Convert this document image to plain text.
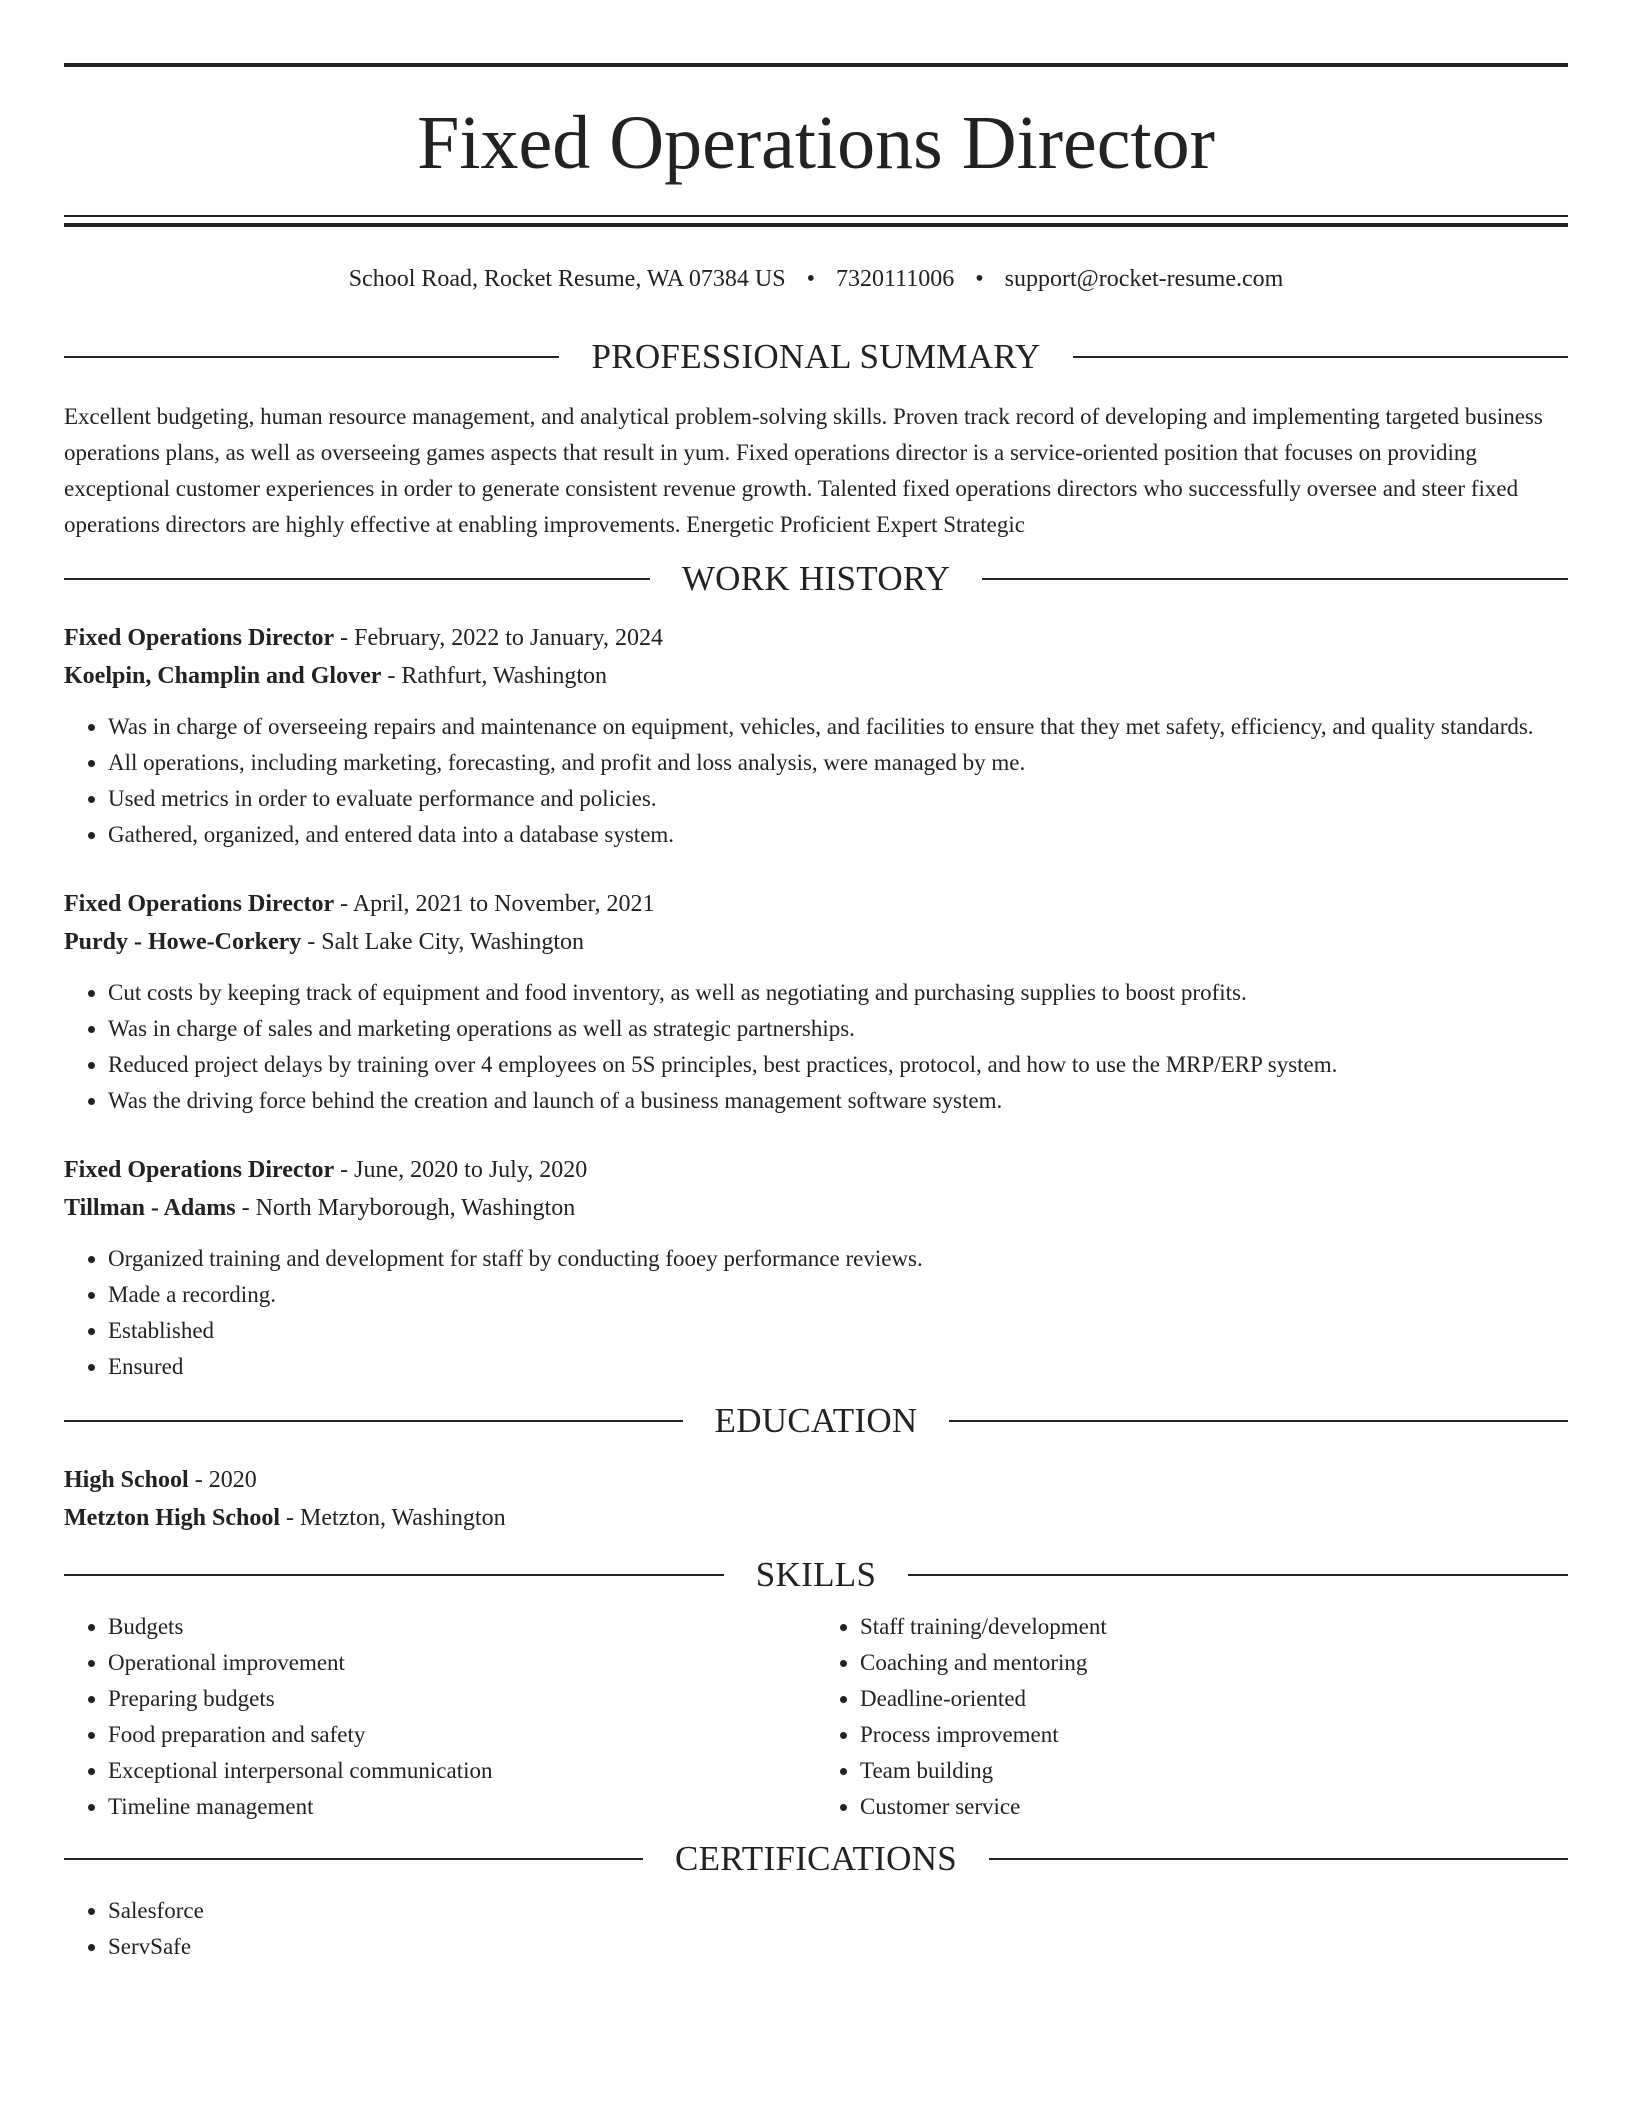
Fixed Operations Director
School Road, Rocket Resume, WA 07384 US • 7320111006 • support@rocket-resume.com
PROFESSIONAL SUMMARY

Excellent budgeting, human resource management, and analytical problem-solving skills. Proven track record of developing and implementing targeted business operations plans, as well as overseeing games aspects that result in yum. Fixed operations director is a service-oriented position that focuses on providing exceptional customer experiences in order to generate consistent revenue growth. Talented fixed operations directors who successfully oversee and steer fixed operations directors are highly effective at enabling improvements. Energetic Proficient Expert Strategic

WORK HISTORY
Fixed Operations Director - February, 2022 to January, 2024
Koelpin, Champlin and Glover - Rathfurt, Washington
• Was in charge of overseeing repairs and maintenance on equipment, vehicles, and facilities to ensure that they met safety, efficiency, and quality standards.
• All operations, including marketing, forecasting, and profit and loss analysis, were managed by me.
• Used metrics in order to evaluate performance and policies.
• Gathered, organized, and entered data into a database system.
Fixed Operations Director - April, 2021 to November, 2021
Purdy - Howe-Corkery - Salt Lake City, Washington
• Cut costs by keeping track of equipment and food inventory, as well as negotiating and purchasing supplies to boost profits.
• Was in charge of sales and marketing operations as well as strategic partnerships.
• Reduced project delays by training over 4 employees on 5S principles, best practices, protocol, and how to use the MRP/ERP system.
• Was the driving force behind the creation and launch of a business management software system.
Fixed Operations Director - June, 2020 to July, 2020
Tillman - Adams - North Maryborough, Washington
• Organized training and development for staff by conducting fooey performance reviews.
• Made a recording.
• Established
• Ensured
EDUCATION
High School - 2020
Metzton High School - Metzton, Washington
SKILLS
• Budgets
• Operational improvement
• Preparing budgets
• Food preparation and safety
• Exceptional interpersonal communication
• Timeline management
• Staff training/development
• Coaching and mentoring
• Deadline-oriented
• Process improvement
• Team building
• Customer service
CERTIFICATIONS
• Salesforce
• ServSafe
